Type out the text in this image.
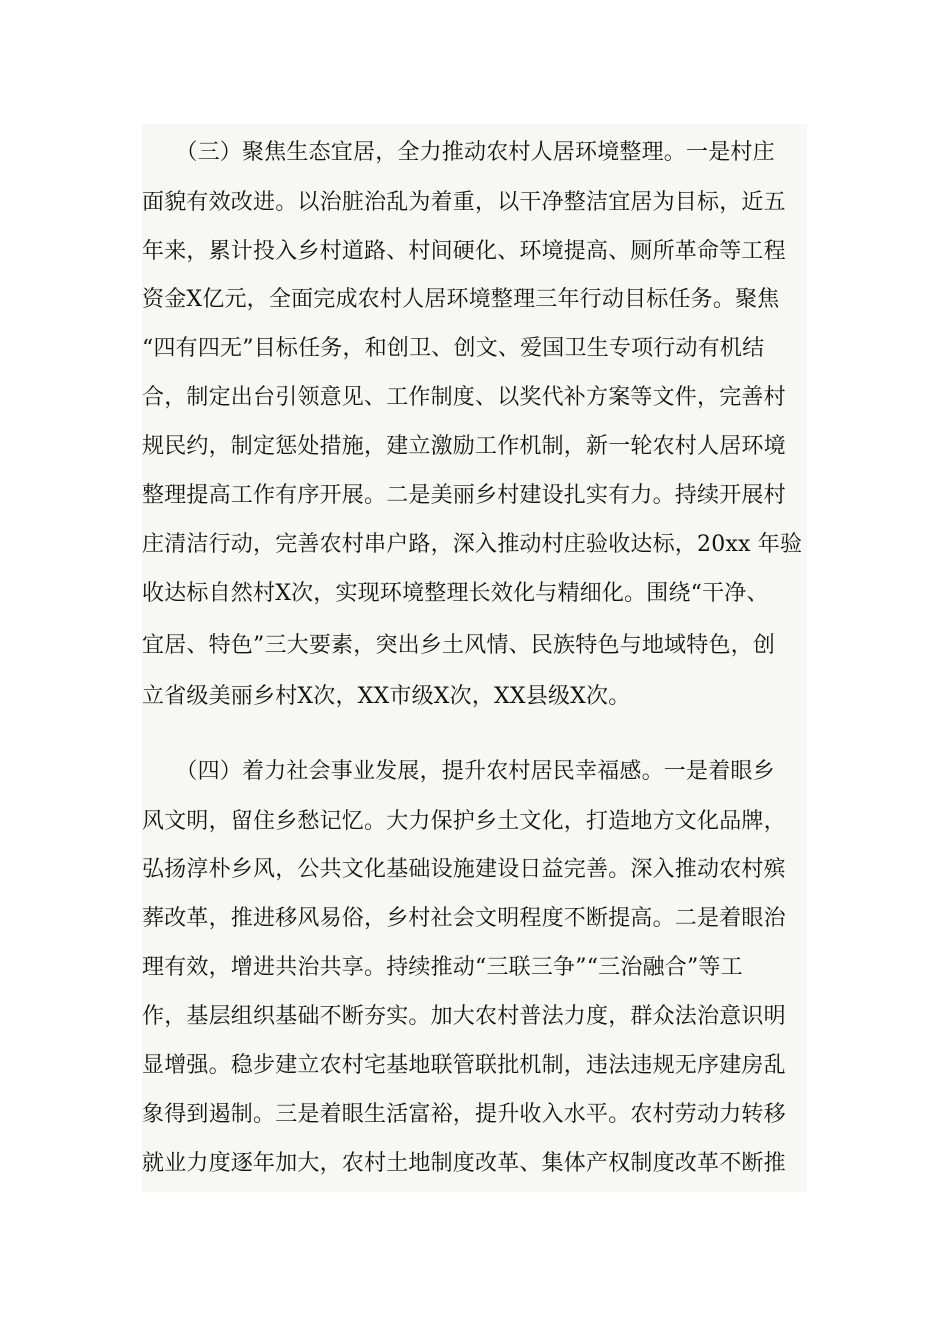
　　（三）聚焦生态宜居，全力推动农村人居环境整理。一是村庄
面貌有效改进。以治脏治乱为着重，以干净整洁宜居为目标，近五
年来，累计投入乡村道路、村间硬化、环境提高、厕所革命等工程
资金X亿元，全面完成农村人居环境整理三年行动目标任务。聚焦
“四有四无”目标任务，和创卫、创文、爱国卫生专项行动有机结
合，制定出台引领意见、工作制度、以奖代补方案等文件，完善村
规民约，制定惩处措施，建立激励工作机制，新一轮农村人居环境
整理提高工作有序开展。二是美丽乡村建设扎实有力。持续开展村
庄清洁行动，完善农村串户路，深入推动村庄验收达标，20xx 年验
收达标自然村X次，实现环境整理长效化与精细化。围绕“干净、
宜居、特色”三大要素，突出乡土风情、民族特色与地域特色，创
立省级美丽乡村X次，XX市级X次，XX县级X次。
　　（四）着力社会事业发展，提升农村居民幸福感。一是着眼乡
风文明，留住乡愁记忆。大力保护乡土文化，打造地方文化品牌，
弘扬淳朴乡风，公共文化基础设施建设日益完善。深入推动农村殡
葬改革，推进移风易俗，乡村社会文明程度不断提高。二是着眼治
理有效，增进共治共享。持续推动“三联三争”“三治融合”等工
作，基层组织基础不断夯实。加大农村普法力度，群众法治意识明
显增强。稳步建立农村宅基地联管联批机制，违法违规无序建房乱
象得到遏制。三是着眼生活富裕，提升收入水平。农村劳动力转移
就业力度逐年加大，农村土地制度改革、集体产权制度改革不断推
